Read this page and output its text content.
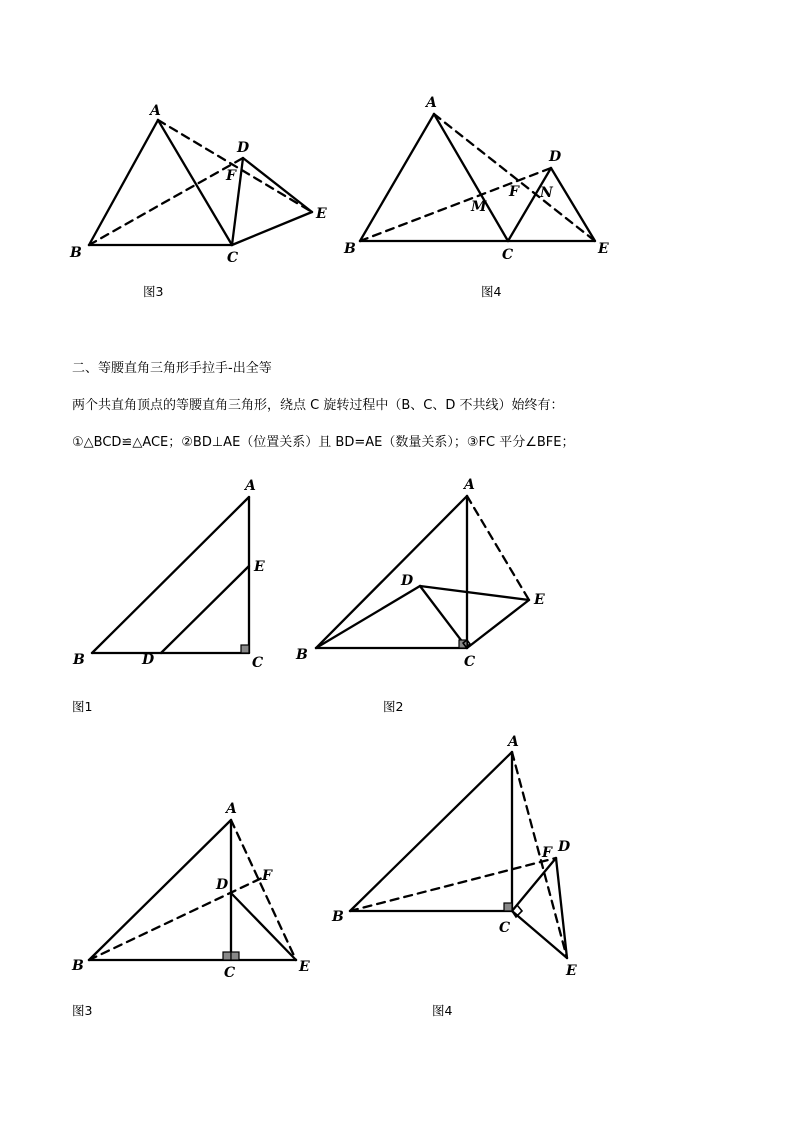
A
B	C
D
E
F
A
B	C
D
E
F
M
N

图3	图4

二、等腰直角三角形手拉手-出全等

两个共直角顶点的等腰直角三角形，绕点 C 旋转过程中（B、C、D 不共线）始终有：

①△BCD≌△ACE；②BD⊥AE（位置关系）且 BD=AE（数量关系）；③FC 平分∠BFE；

A
B	C
D
E
A
B	C
D
E

图1	图2

A
B	C
D
E
F
A
B
C
D
E
F

图3	图4
